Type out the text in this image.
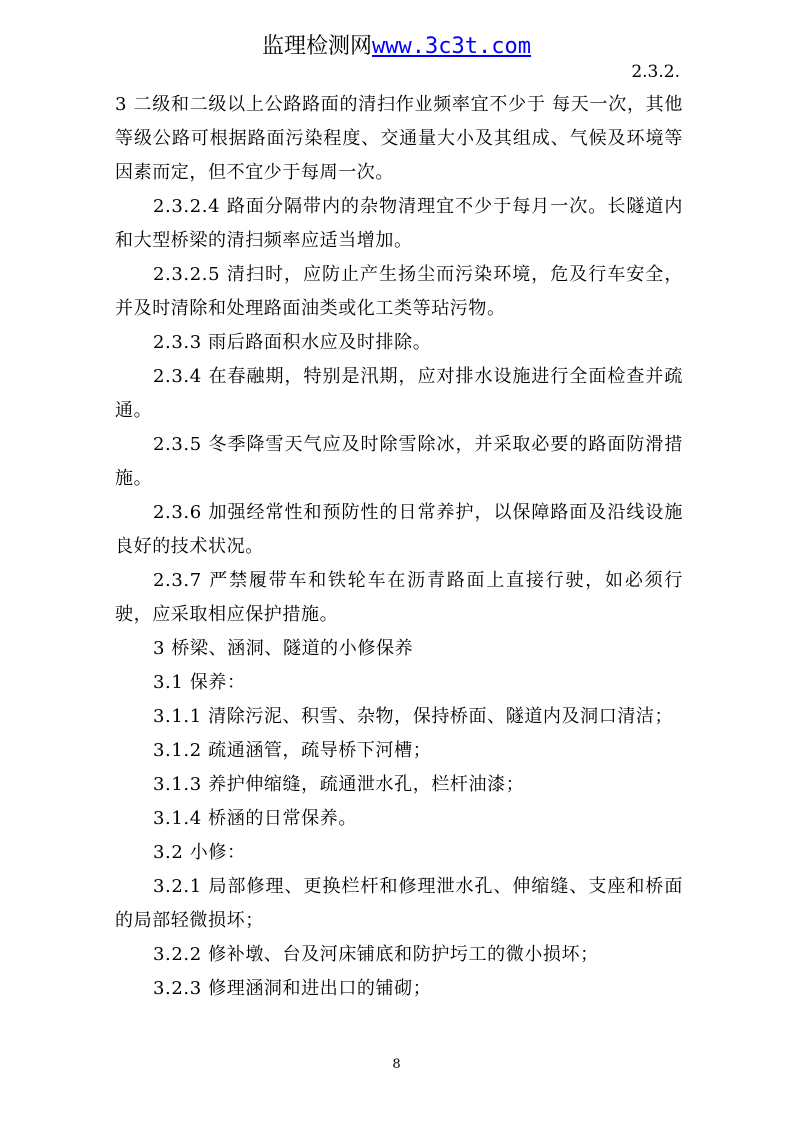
监理检测网www.3c3t.com
2.3.2.

3 二级和二级以上公路路面的清扫作业频率宜不少于 每天一次，其他等级公路可根据路面污染程度、交通量大小及其组成、气候及环境等因素而定，但不宜少于每周一次。

2.3.2.4 路面分隔带内的杂物清理宜不少于每月一次。长隧道内和大型桥梁的清扫频率应适当增加。

2.3.2.5 清扫时，应防止产生扬尘而污染环境，危及行车安全，并及时清除和处理路面油类或化工类等玷污物。

2.3.3 雨后路面积水应及时排除。

2.3.4 在春融期，特别是汛期，应对排水设施进行全面检查并疏通。

2.3.5 冬季降雪天气应及时除雪除冰，并采取必要的路面防滑措施。

2.3.6 加强经常性和预防性的日常养护，以保障路面及沿线设施良好的技术状况。

2.3.7 严禁履带车和铁轮车在沥青路面上直接行驶，如必须行驶，应采取相应保护措施。

3 桥梁、涵洞、隧道的小修保养

3.1 保养：

3.1.1 清除污泥、积雪、杂物，保持桥面、隧道内及洞口清洁；

3.1.2 疏通涵管，疏导桥下河槽；

3.1.3 养护伸缩缝，疏通泄水孔，栏杆油漆；

3.1.4 桥涵的日常保养。

3.2 小修：

3.2.1 局部修理、更换栏杆和修理泄水孔、伸缩缝、支座和桥面的局部轻微损坏；

3.2.2 修补墩、台及河床铺底和防护圬工的微小损坏；

3.2.3 修理涵洞和进出口的铺砌；

8
